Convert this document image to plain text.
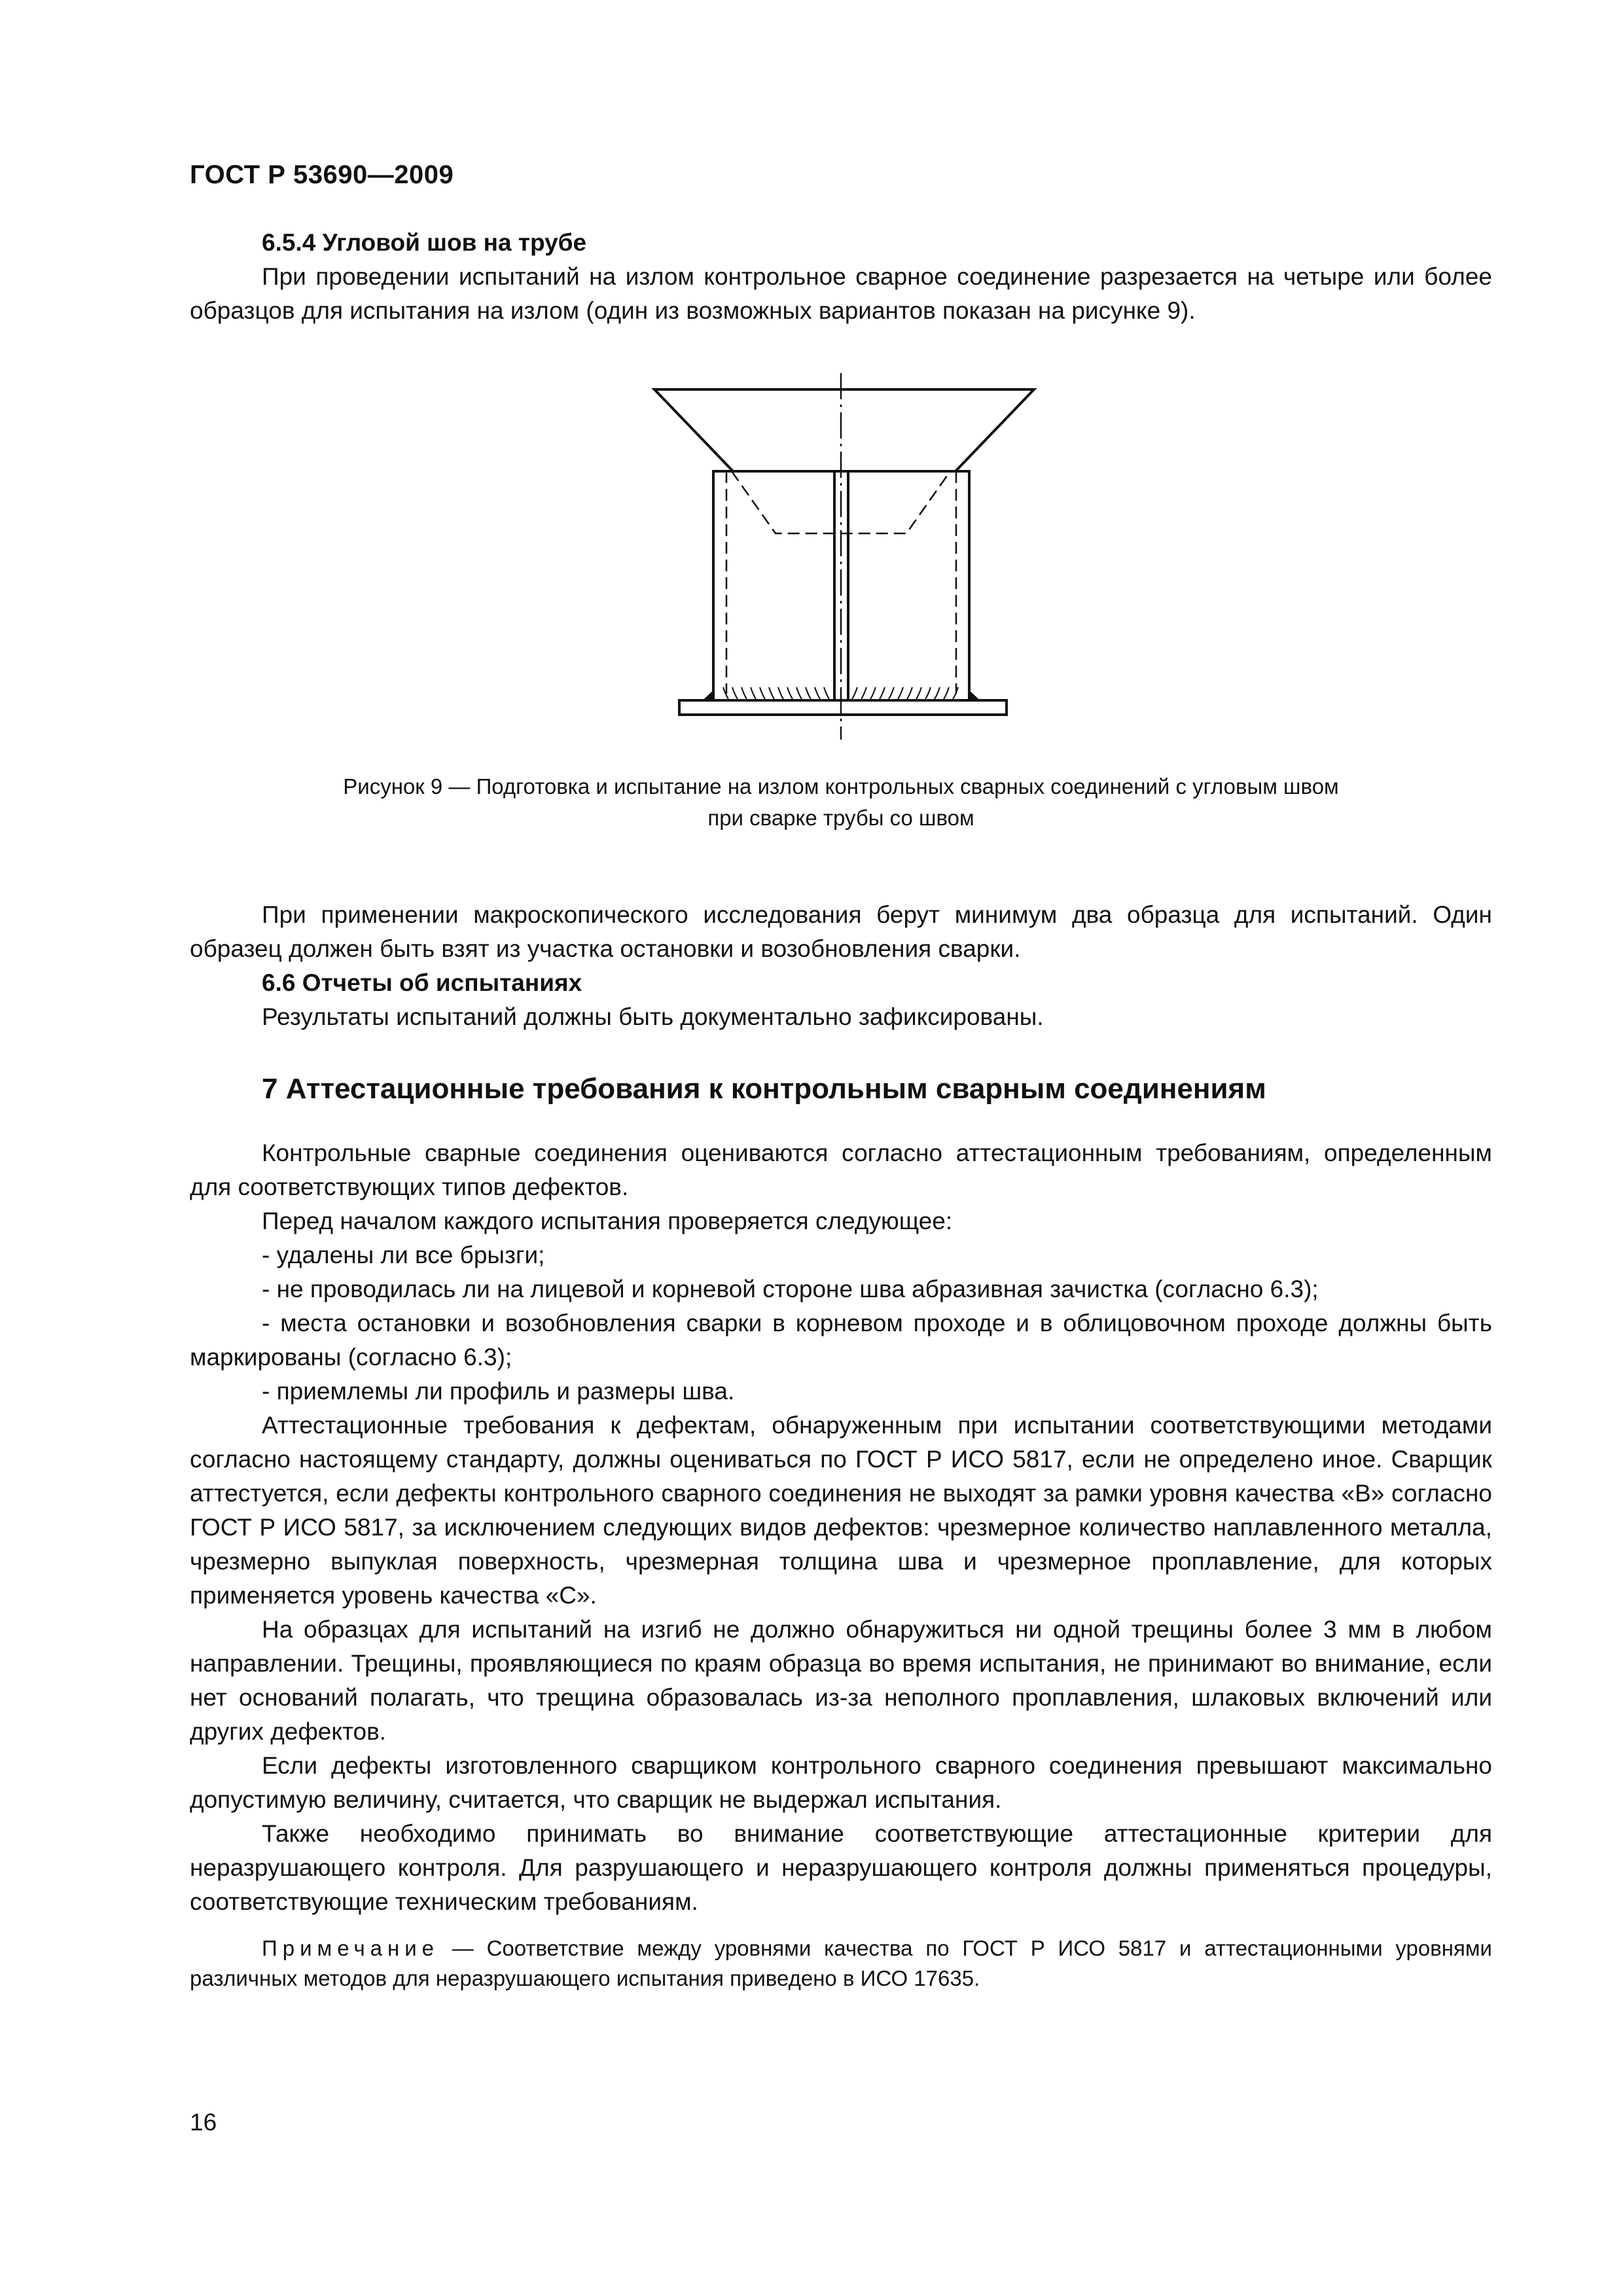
ГОСТ Р 53690—2009

6.5.4 Угловой шов на трубе

При проведении испытаний на излом контрольное сварное соединение разрезается на четыре или более образцов для испытания на излом (один из возможных вариантов показан на рисунке 9).

Рисунок 9 — Подготовка и испытание на излом контрольных сварных соединений с угловым швом
при сварке трубы со швом

При применении макроскопического исследования берут минимум два образца для испытаний. Один образец должен быть взят из участка остановки и возобновления сварки.

6.6 Отчеты об испытаниях

Результаты испытаний должны быть документально зафиксированы.

7 Аттестационные требования к контрольным сварным соединениям

Контрольные сварные соединения оцениваются согласно аттестационным требованиям, определенным для соответствующих типов дефектов.

Перед началом каждого испытания проверяется следующее:

- удалены ли все брызги;

- не проводилась ли на лицевой и корневой стороне шва абразивная зачистка (согласно 6.3);

- места остановки и возобновления сварки в корневом проходе и в облицовочном проходе должны быть маркированы (согласно 6.3);

- приемлемы ли профиль и размеры шва.

Аттестационные требования к дефектам, обнаруженным при испытании соответствующими методами согласно настоящему стандарту, должны оцениваться по ГОСТ Р ИСО 5817, если не определено иное. Сварщик аттестуется, если дефекты контрольного сварного соединения не выходят за рамки уровня качества «В» согласно ГОСТ Р ИСО 5817, за исключением следующих видов дефектов: чрезмерное количество наплавленного металла, чрезмерно выпуклая поверхность, чрезмерная толщина шва и чрезмерное проплавление, для которых применяется уровень качества «С».

На образцах для испытаний на изгиб не должно обнаружиться ни одной трещины более 3 мм в любом направлении. Трещины, проявляющиеся по краям образца во время испытания, не принимают во внимание, если нет оснований полагать, что трещина образовалась из-за неполного проплавления, шлаковых включений или других дефектов.

Если дефекты изготовленного сварщиком контрольного сварного соединения превышают максимально допустимую величину, считается, что сварщик не выдержал испытания.

Также необходимо принимать во внимание соответствующие аттестационные критерии для неразрушающего контроля. Для разрушающего и неразрушающего контроля должны применяться процедуры, соответствующие техническим требованиям.

Примечание — Соответствие между уровнями качества по ГОСТ Р ИСО 5817 и аттестационными уровнями различных методов для неразрушающего испытания приведено в ИСО 17635.

16
